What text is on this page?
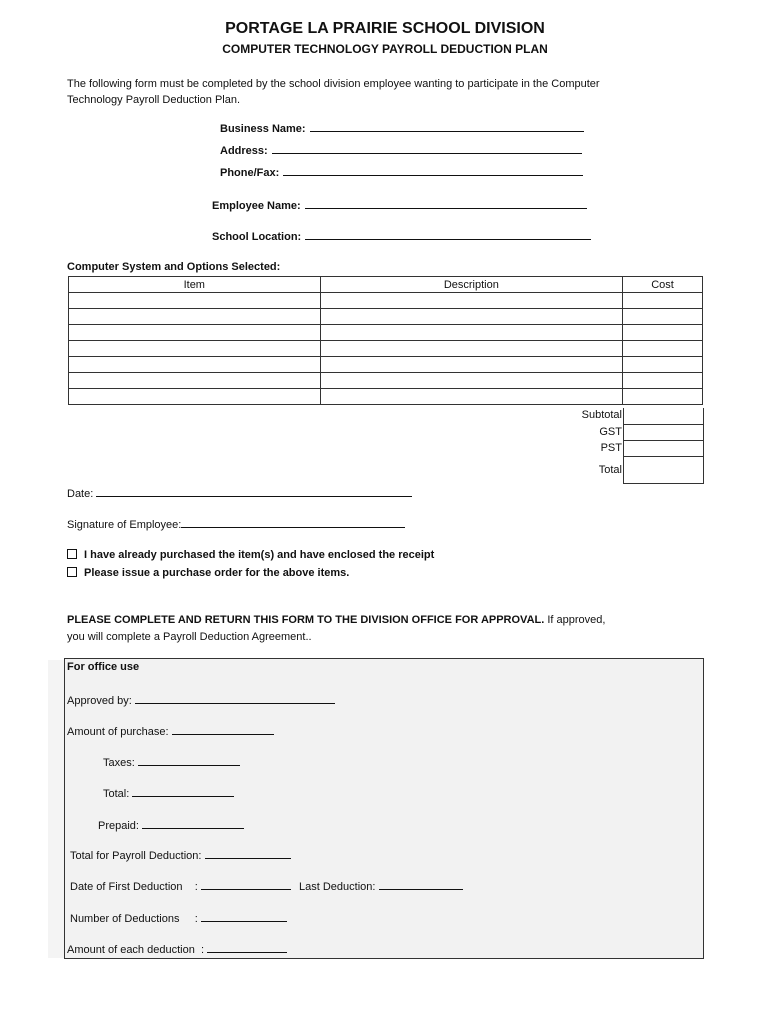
PORTAGE LA PRAIRIE SCHOOL DIVISION
COMPUTER TECHNOLOGY PAYROLL DEDUCTION PLAN
The following form must be completed by the school division employee wanting to participate in the Computer
Technology Payroll Deduction Plan.
Business Name:
Address:
Phone/Fax:
Employee Name:
School Location:
Computer System and Options Selected:
Item	Description	Cost

Subtotal
GST
PST
Total
Date:
Signature of Employee:
I have already purchased the item(s) and have enclosed the receipt
Please issue a purchase order for the above items.
PLEASE COMPLETE AND RETURN THIS FORM TO THE DIVISION OFFICE FOR APPROVAL. If approved,
you will complete a Payroll Deduction Agreement..
For office use
Approved by:
Amount of purchase:
Taxes:
Total:
Prepaid:
Total for Payroll Deduction:
Date of First Deduction :	Last Deduction:
Number of Deductions :
Amount of each deduction :
